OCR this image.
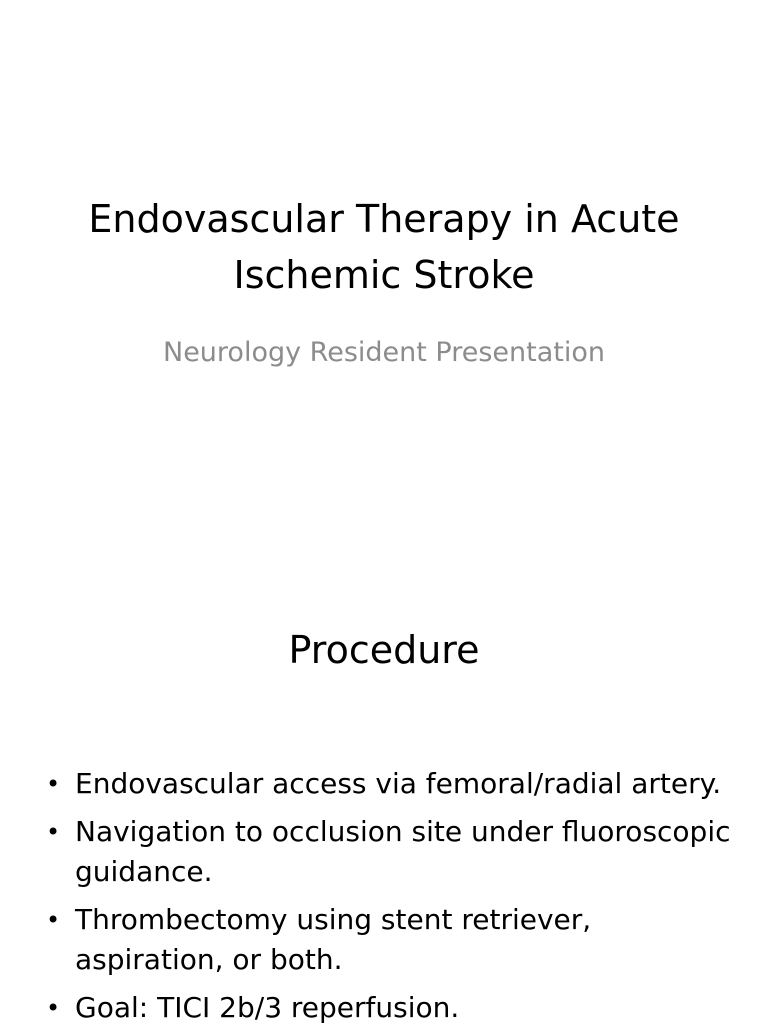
Endovascular Therapy in Acute Ischemic Stroke
Neurology Resident Presentation
Procedure
• Endovascular access via femoral/radial artery.
• Navigation to occlusion site under fluoroscopic guidance.
• Thrombectomy using stent retriever, aspiration, or both.
• Goal: TICI 2b/3 reperfusion.
